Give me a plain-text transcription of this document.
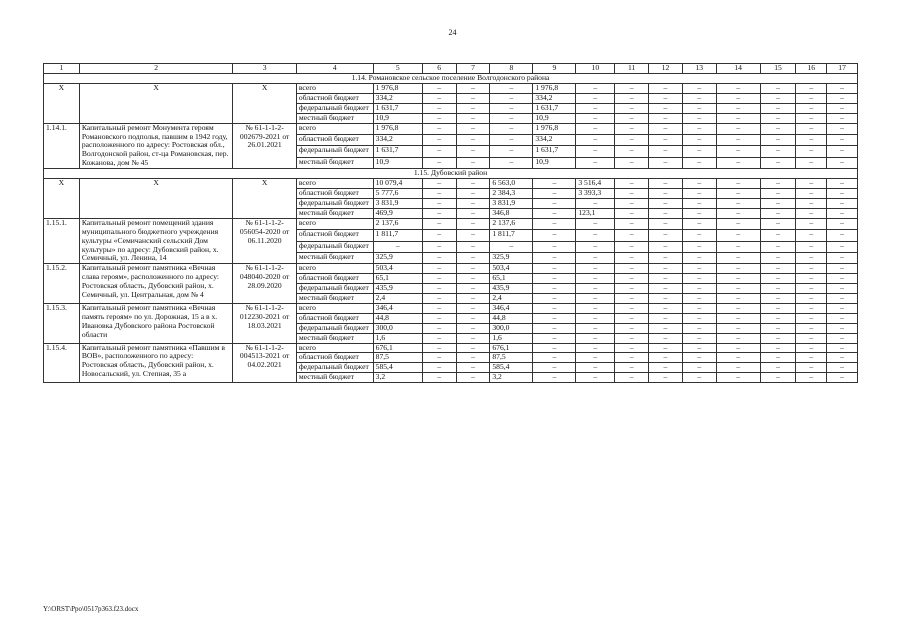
24
1	2	3	4	5	6	7	8	9	10	11	12	13	14	15	16	17
1.14. Романовское сельское поселение Волгодонского района																
Х	Х	Х	всего	1 976,8	–	–	–	1 976,8	–	–	–	–	–	–	–	–
			областной бюджет	334,2	–	–	–	334,2	–	–	–	–	–	–	–	–
			федеральный бюджет	1 631,7	–	–	–	1 631,7	–	–	–	–	–	–	–	–
			местный бюджет	10,9	–	–	–	10,9	–	–	–	–	–	–	–	–
1.14.1.	Капитальный ремонт Монумента героям Романовского подполья, павшим в 1942 году, расположенного по адресу: Ростовская обл., Волгодонской район, ст-ца Романовская, пер. Кожанова, дом № 45	№ 61-1-1-2-002679-2021 от 26.01.2021	всего	1 976,8	–	–	–	1 976,8	–	–	–	–	–	–	–	–
			областной бюджет	334,2	–	–	–	334,2	–	–	–	–	–	–	–	–
			федеральный бюджет	1 631,7	–	–	–	1 631,7	–	–	–	–	–	–	–	–
			местный бюджет	10,9	–	–	–	10,9	–	–	–	–	–	–	–	–
1.15. Дубовский район																
Х	Х	Х	всего	10 079,4	–	–	6 563,0	–	3 516,4	–	–	–	–	–	–	–
			областной бюджет	5 777,6	–	–	2 384,3	–	3 393,3	–	–	–	–	–	–	–
			федеральный бюджет	3 831,9	–	–	3 831,9	–	–	–	–	–	–	–	–	–
			местный бюджет	469,9	–	–	346,8	–	123,1	–	–	–	–	–	–	–
1.15.1.	Капитальный ремонт помещений здания муниципального бюджетного учреждения культуры «Семичанский сельский Дом культуры» по адресу: Дубовский район, х. Семичный, ул. Ленина, 14	№ 61-1-1-2-056054-2020 от 06.11.2020	всего	2 137,6	–	–	2 137,6	–	–	–	–	–	–	–	–	–
			областной бюджет	1 811,7	–	–	1 811,7	–	–	–	–	–	–	–	–	–
			федеральный бюджет	–	–	–	–	–	–	–	–	–	–	–	–	–
			местный бюджет	325,9	–	–	325,9	–	–	–	–	–	–	–	–	–
1.15.2.	Капитальный ремонт памятника «Вечная слава героям», расположенного по адресу: Ростовская область, Дубовский район, х. Семичный, ул. Центральная, дом № 4	№ 61-1-1-2-048040-2020 от 28.09.2020	всего	503,4	–	–	503,4	–	–	–	–	–	–	–	–	–
			областной бюджет	65,1	–	–	65,1	–	–	–	–	–	–	–	–	–
			федеральный бюджет	435,9	–	–	435,9	–	–	–	–	–	–	–	–	–
			местный бюджет	2,4	–	–	2,4	–	–	–	–	–	–	–	–	–
1.15.3.	Капитальный ремонт памятника «Вечная память героям» по ул. Дорожная, 15 а в х. Ивановка Дубовского района Ростовской области	№ 61-1-1-2-012230-2021 от 18.03.2021	всего	346,4	–	–	346,4	–	–	–	–	–	–	–	–	–
			областной бюджет	44,8	–	–	44,8	–	–	–	–	–	–	–	–	–
			федеральный бюджет	300,0	–	–	300,0	–	–	–	–	–	–	–	–	–
			местный бюджет	1,6	–	–	1,6	–	–	–	–	–	–	–	–	–
1.15.4.	Капитальный ремонт памятника «Павшим в ВОВ», расположенного по адресу: Ростовская область, Дубовский район, х. Новосальский, ул. Степная, 35 а	№ 61-1-1-2-004513-2021 от 04.02.2021	всего	676,1	–	–	676,1	–	–	–	–	–	–	–	–	–
			областной бюджет	87,5	–	–	87,5	–	–	–	–	–	–	–	–	–
			федеральный бюджет	585,4	–	–	585,4	–	–	–	–	–	–	–	–	–
			местный бюджет	3,2	–	–	3,2	–	–	–	–	–	–	–	–	–
Y:\ORST\Ppo\0517p363.f23.docx
